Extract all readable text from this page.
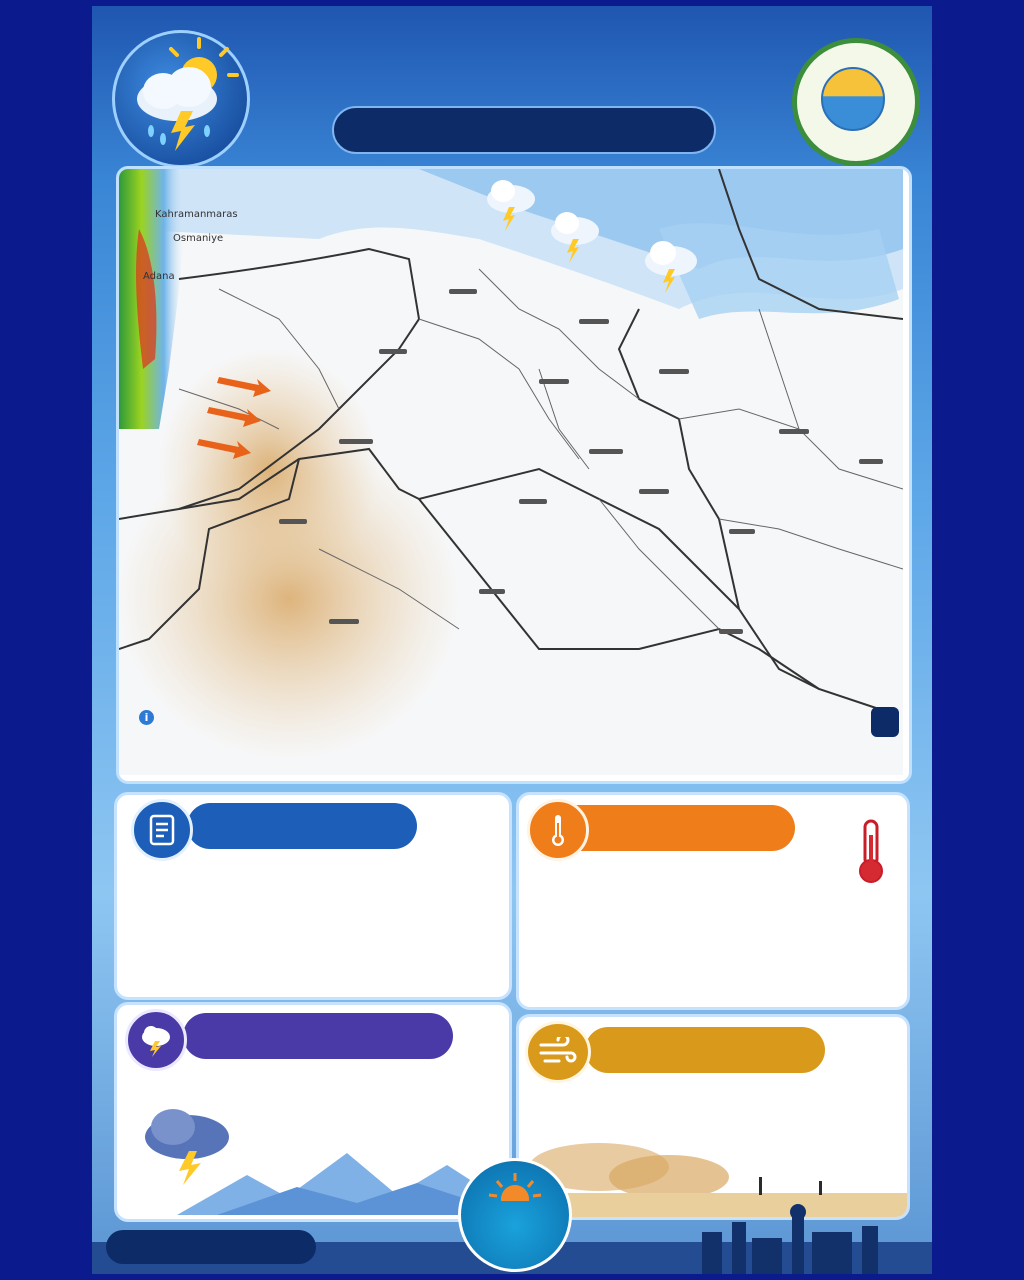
Kahramanmaras
Osmaniye
Adana
i
